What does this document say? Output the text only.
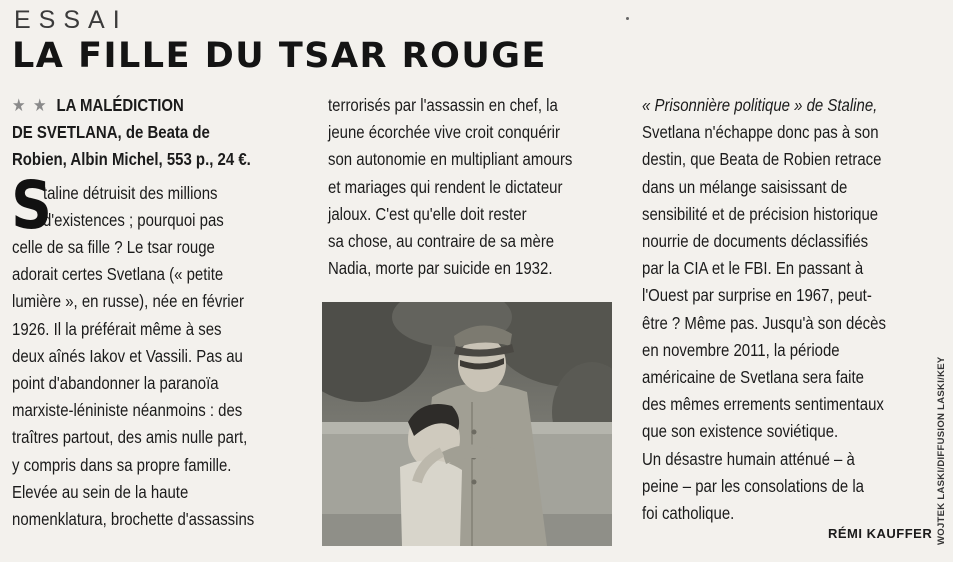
ESSAI
LA FILLE DU TSAR ROUGE
★ ★ LA MALÉDICTION
DE SVETLANA, de Beata de
Robien, Albin Michel, 553 p., 24 €.
S
taline détruisit des millions
d'existences ; pourquoi pas
celle de sa fille ? Le tsar rouge
adorait certes Svetlana (« petite
lumière », en russe), née en février
1926. Il la préférait même à ses
deux aînés Iakov et Vassili. Pas au
point d'abandonner la paranoïa
marxiste-léniniste néanmoins : des
traîtres partout, des amis nulle part,
y compris dans sa propre famille.
Elevée au sein de la haute
nomenklatura, brochette d'assassins
terrorisés par l'assassin en chef, la
jeune écorchée vive croit conquérir
son autonomie en multipliant amours
et mariages qui rendent le dictateur
jaloux. C'est qu'elle doit rester
sa chose, au contraire de sa mère
Nadia, morte par suicide en 1932.
« Prisonnière politique » de Staline,
Svetlana n'échappe donc pas à son
destin, que Beata de Robien retrace
dans un mélange saisissant de
sensibilité et de précision historique
nourrie de documents déclassifiés
par la CIA et le FBI. En passant à
l'Ouest par surprise en 1967, peut-
être ? Même pas. Jusqu'à son décès
en novembre 2011, la période
américaine de Svetlana sera faite
des mêmes errements sentimentaux
que son existence soviétique.
Un désastre humain atténué – à
peine – par les consolations de la
foi catholique.
RÉMI KAUFFER WOJTEK LASKI/DIFFUSION LASKI/KEY
